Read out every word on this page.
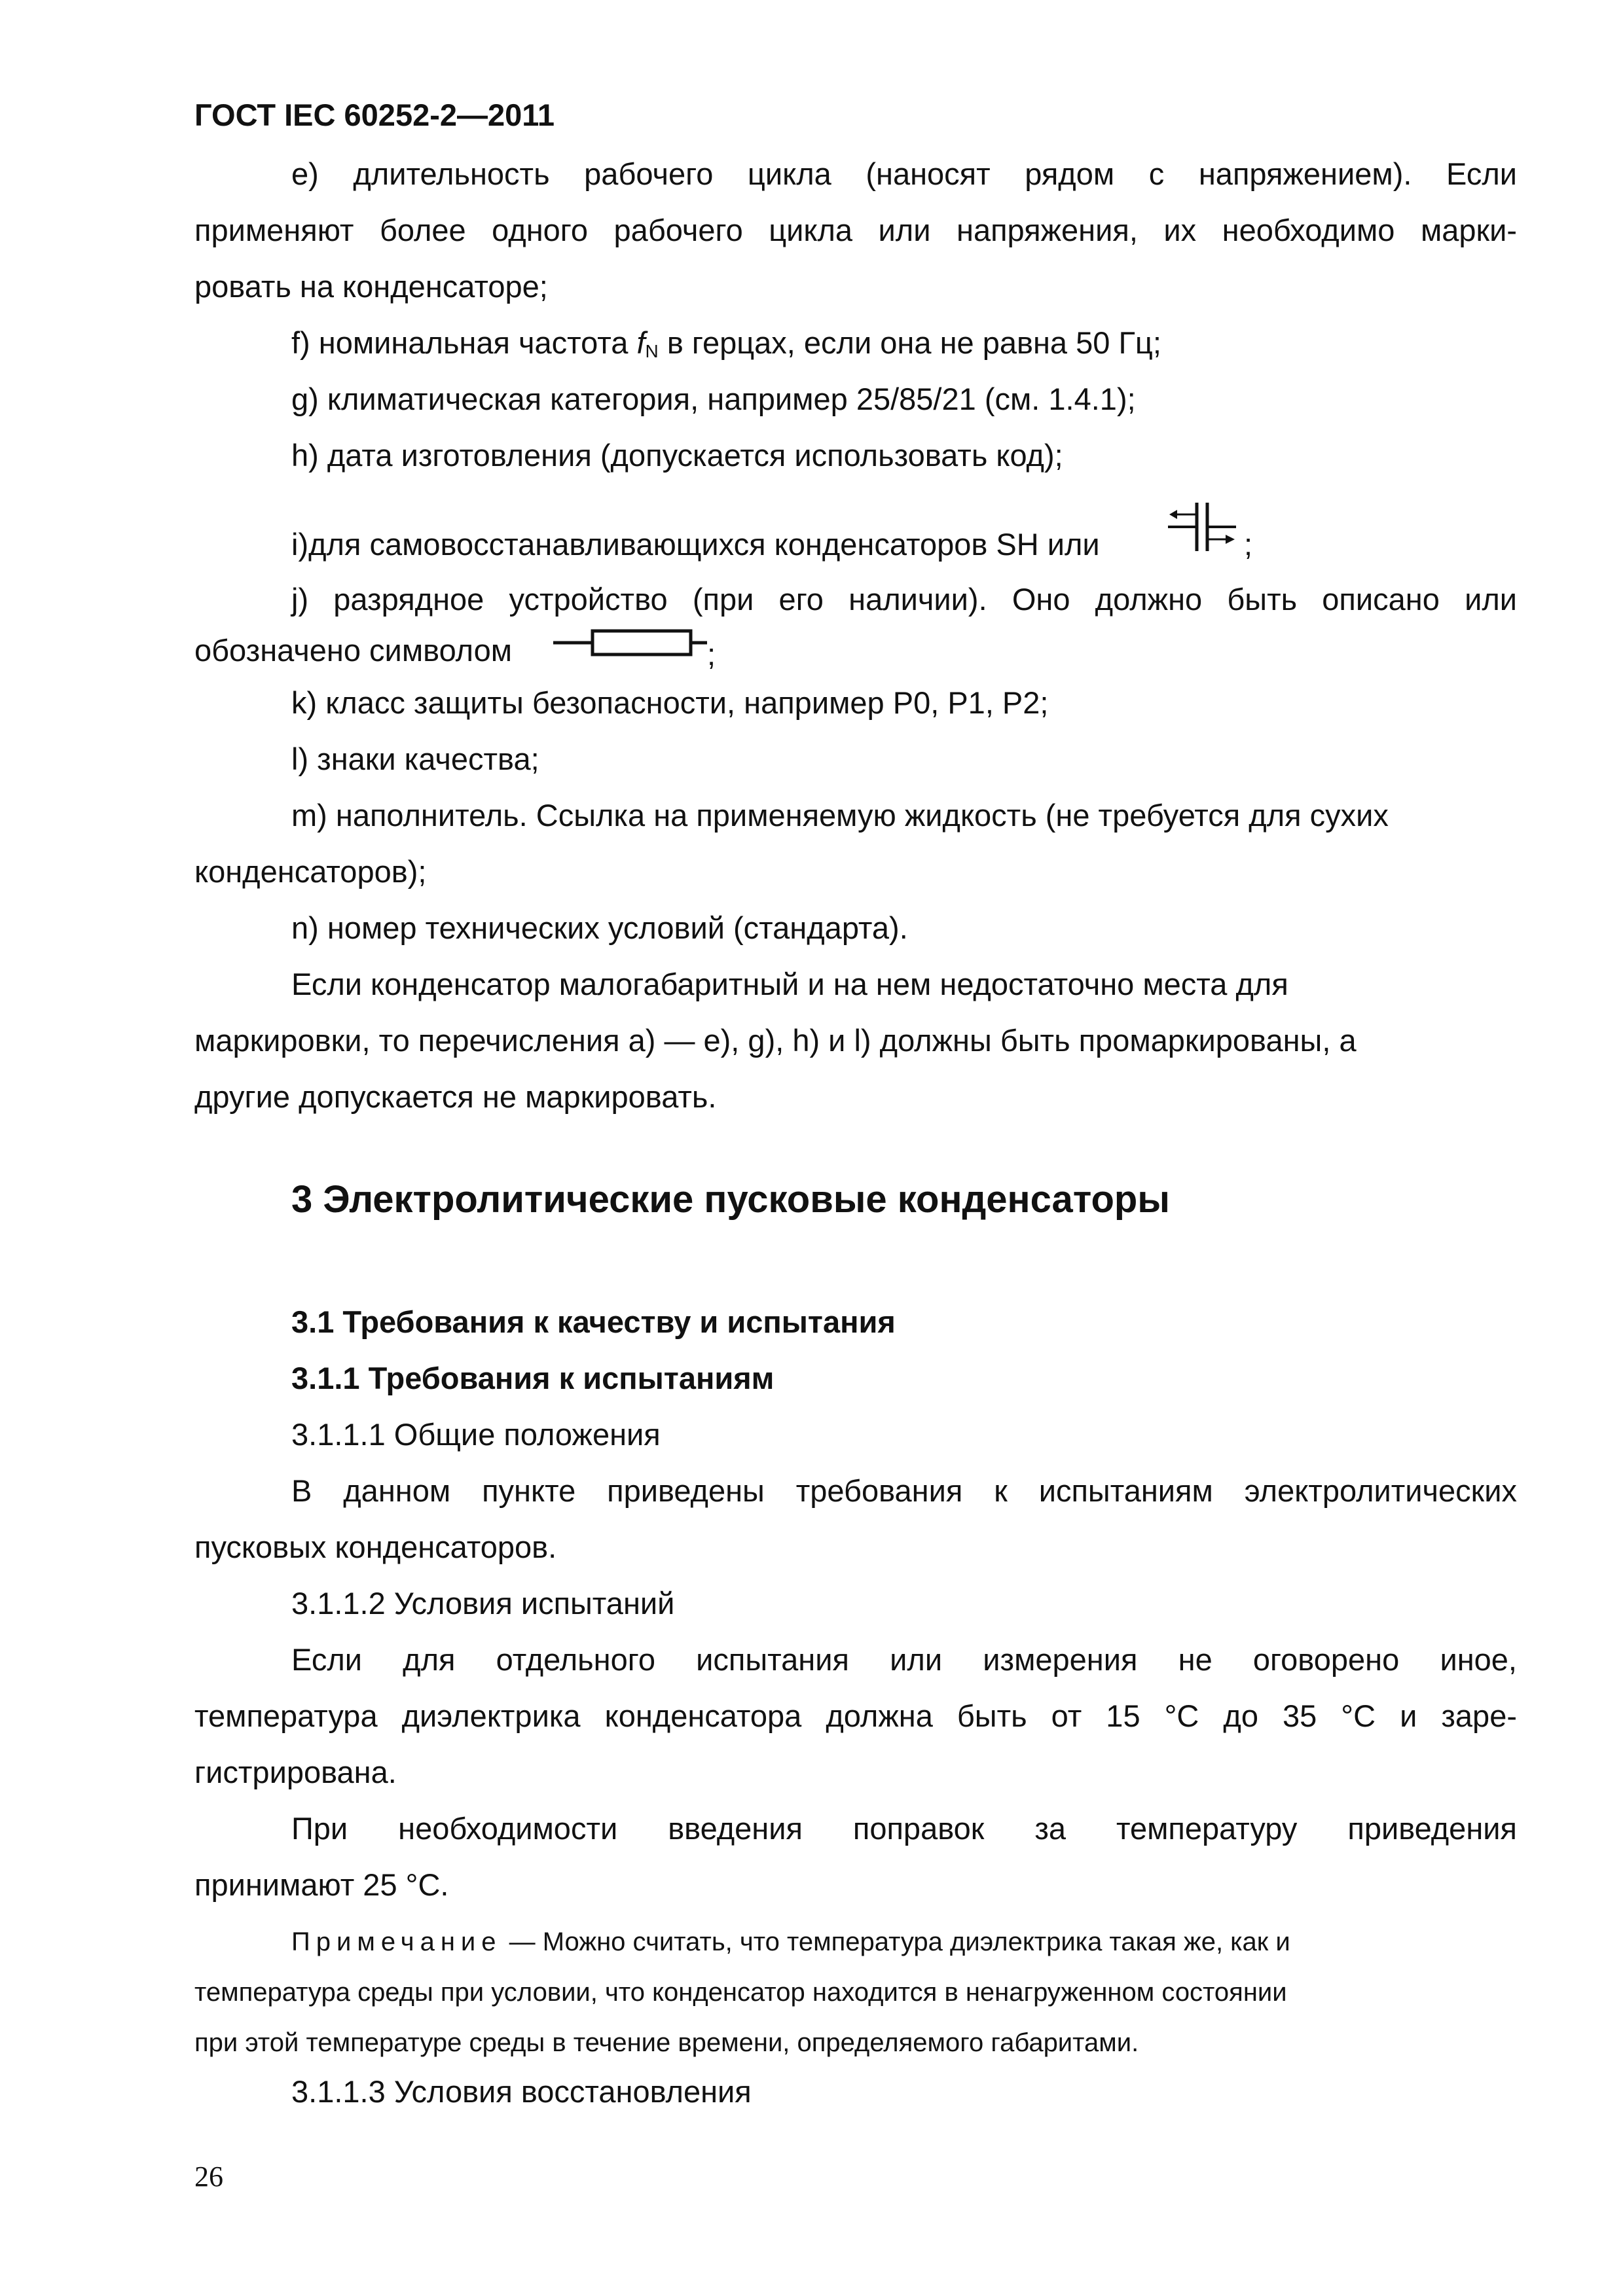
ГОСТ IEC 60252-2—2011
e) длительность рабочего цикла (наносят рядом с напряжением). Если
применяют более одного рабочего цикла или напряжения, их необходимо марки-
ровать на конденсаторе;
f) номинальная частота $f_N$ в герцах, если она не равна 50 Гц;
g) климатическая категория, например 25/85/21 (см. 1.4.1);
h) дата изготовления (допускается использовать код);
i)для самовосстанавливающихся конденсаторов SH или	;
j) разрядное устройство (при его наличии). Оно должно быть описано или
обозначено символом	;
k) класс защиты безопасности, например P0, P1, P2;
l) знаки качества;
m) наполнитель. Ссылка на применяемую жидкость (не требуется для сухих
конденсаторов);
n) номер технических условий (стандарта).
Если конденсатор малогабаритный и на нем недостаточно места для
маркировки, то перечисления a) — e), g), h) и l) должны быть промаркированы, а
другие допускается не маркировать.
3 Электролитические пусковые конденсаторы
3.1 Требования к качеству и испытания
3.1.1 Требования к испытаниям
3.1.1.1 Общие положения
В данном пункте приведены требования к испытаниям электролитических
пусковых конденсаторов.
3.1.1.2 Условия испытаний
Если для отдельного испытания или измерения не оговорено иное,
температура диэлектрика конденсатора должна быть от 15 °C до 35 °C и заре-
гистрирована.
При необходимости введения поправок за температуру приведения
принимают 25 °C.
Примечание — Можно считать, что температура диэлектрика такая же, как и
температура среды при условии, что конденсатор находится в ненагруженном состоянии
при этой температуре среды в течение времени, определяемого габаритами.
3.1.1.3 Условия восстановления
26
